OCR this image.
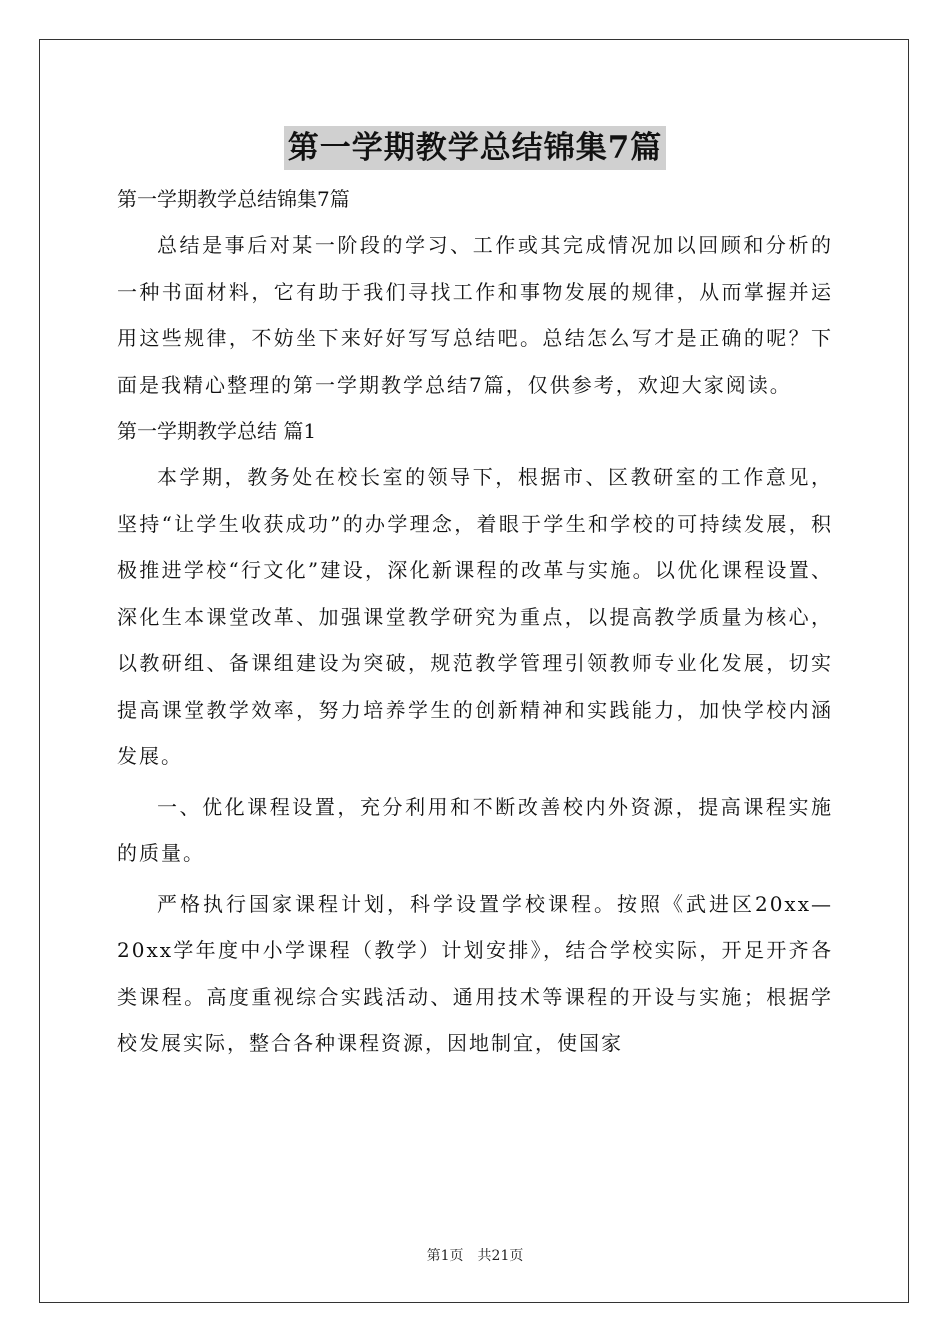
第一学期教学总结锦集7篇

第一学期教学总结锦集7篇

总结是事后对某一阶段的学习、工作或其完成情况加以回顾和分析的一种书面材料，它有助于我们寻找工作和事物发展的规律，从而掌握并运用这些规律，不妨坐下来好好写写总结吧。总结怎么写才是正确的呢？下面是我精心整理的第一学期教学总结7篇，仅供参考，欢迎大家阅读。

第一学期教学总结 篇1

本学期，教务处在校长室的领导下，根据市、区教研室的工作意见，坚持“让学生收获成功”的办学理念，着眼于学生和学校的可持续发展，积极推进学校“行文化”建设，深化新课程的改革与实施。以优化课程设置、深化生本课堂改革、加强课堂教学研究为重点，以提高教学质量为核心，以教研组、备课组建设为突破，规范教学管理引领教师专业化发展，切实提高课堂教学效率，努力培养学生的创新精神和实践能力，加快学校内涵发展。

一、优化课程设置，充分利用和不断改善校内外资源，提高课程实施的质量。

严格执行国家课程计划，科学设置学校课程。按照《武进区20xx—20xx学年度中小学课程（教学）计划安排》，结合学校实际，开足开齐各类课程。高度重视综合实践活动、通用技术等课程的开设与实施；根据学校发展实际，整合各种课程资源，因地制宜，使国家

第1页　共21页
